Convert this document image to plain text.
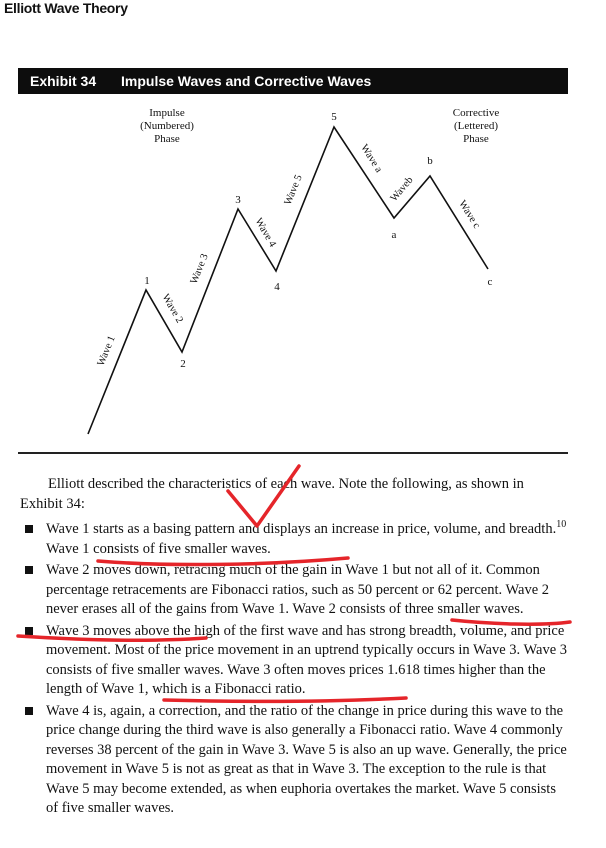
Elliott Wave Theory
Exhibit 34 Impulse Waves and Corrective Waves
Impulse
(Numbered)
Phase
Corrective
(Lettered)
Phase
1
2
3
4
5
a
b
c
Wave 1
Wave 2
Wave 3
Wave 4
Wave 5
Wave a
Waveb
Wave c

Elliott described the characteristics of each wave. Note the following, as shown in Exhibit 34:

Wave 1 starts as a basing pattern and displays an increase in price, volume, and breadth.$^{10}$ Wave 1 consists of five smaller waves.
Wave 2 moves down, retracing much of the gain in Wave 1 but not all of it. Common percentage retracements are Fibonacci ratios, such as 50 percent or 62 percent. Wave 2 never erases all of the gains from Wave 1. Wave 2 consists of three smaller waves.
Wave 3 moves above the high of the first wave and has strong breadth, volume, and price movement. Most of the price movement in an uptrend typically occurs in Wave 3. Wave 3 consists of five smaller waves. Wave 3 often moves prices 1.618 times higher than the length of Wave 1, which is a Fibonacci ratio.
Wave 4 is, again, a correction, and the ratio of the change in price during this wave to the price change during the third wave is also generally a Fibonacci ratio. Wave 4 commonly reverses 38 percent of the gain in Wave 3. Wave 5 is also an up wave. Generally, the price movement in Wave 5 is not as great as that in Wave 3. The exception to the rule is that Wave 5 may become extended, as when euphoria overtakes the market. Wave 5 consists of five smaller waves.
